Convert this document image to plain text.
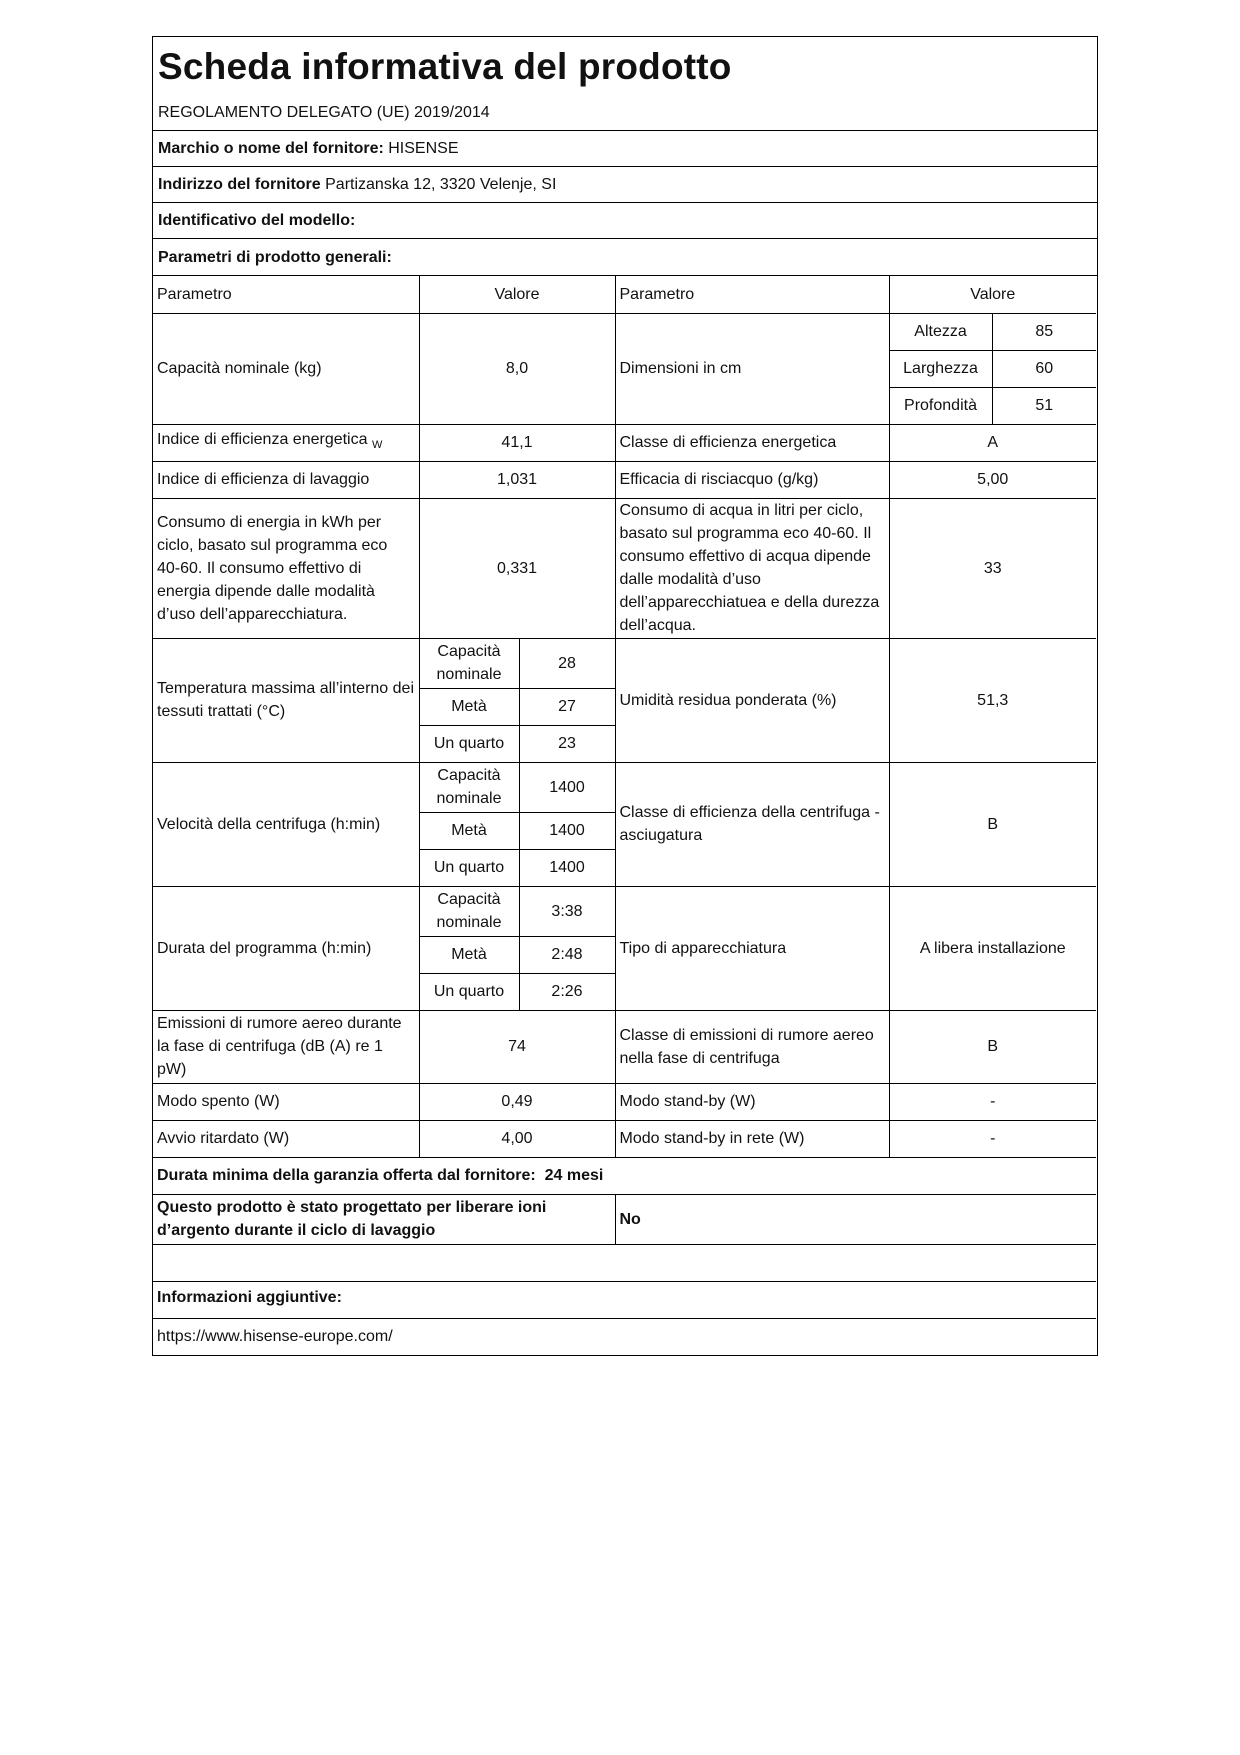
Scheda informativa del prodotto
REGOLAMENTO DELEGATO (UE) 2019/2014
Marchio o nome del fornitore: HISENSE
Indirizzo del fornitore Partizanska 12, 3320 Velenje, SI
Identificativo del modello:
Parametri di prodotto generali:
Parametro	Valore		Parametro	Valore	
Capacità nominale (kg)	8,0		Dimensioni in cm	Altezza	85
				Larghezza	60
				Profondità	51
Indice di efficienza energetica $_W$	41,1		Classe di efficienza energetica	A	
Indice di efficienza di lavaggio	1,031		Efficacia di risciacquo (g/kg)	5,00	
Consumo di energia in kWh per ciclo, basato sul programma eco 40-60. Il consumo effettivo di energia dipende dalle modalità d’uso dell’apparecchiatura.	0,331		Consumo di acqua in litri per ciclo, basato sul programma eco 40-60. Il consumo effettivo di acqua dipende dalle modalità d’uso dell’apparecchiatuea e della durezza dell’acqua.	33	
Temperatura massima all’interno dei tessuti trattati (°C)	Capacità nominale	28	Umidità residua ponderata (%)	51,3	
	Metà	27			
	Un quarto	23			
Velocità della centrifuga (h:min)	Capacità nominale	1400	Classe di efficienza della centrifuga -asciugatura	B	
	Metà	1400			
	Un quarto	1400			
Durata del programma (h:min)	Capacità nominale	3:38	Tipo di apparecchiatura	A libera installazione	
	Metà	2:48			
	Un quarto	2:26			
Emissioni di rumore aereo durante la fase di centrifuga (dB (A) re 1 pW)	74		Classe di emissioni di rumore aereo nella fase di centrifuga	B	
Modo spento (W)	0,49		Modo stand-by (W)	-	
Avvio ritardato (W)	4,00		Modo stand-by in rete (W)	-	
Durata minima della garanzia offerta dal fornitore: 24 mesi					
Questo prodotto è stato progettato per liberare ioni d’argento durante il ciclo di lavaggio			No		

Informazioni aggiuntive:					
https://www.hisense-europe.com/					
